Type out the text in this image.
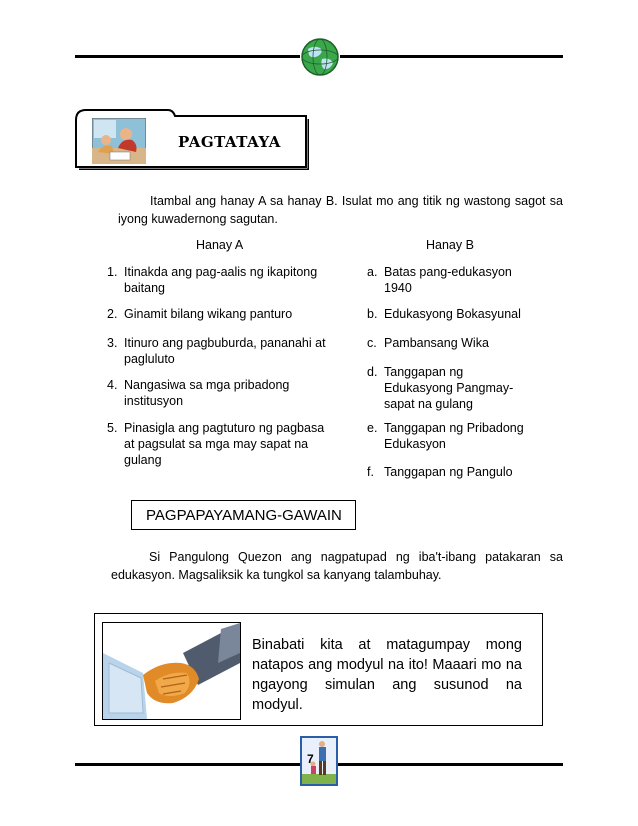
PAGTATAYA
Itambal ang hanay A sa hanay B. Isulat mo ang titik ng wastong sagot sa iyong kuwadernong sagutan.
Hanay A	Hanay B
1. Itinakda ang pag-aalis ng ikapitong baitang
2. Ginamit bilang wikang panturo
3. Itinuro ang pagbuburda, pananahi at pagluluto
4. Nangasiwa sa mga pribadong institusyon
5. Pinasigla ang pagtuturo ng pagbasa at pagsulat sa mga may sapat na gulang
a. Batas pang-edukasyon 1940
b. Edukasyong Bokasyunal
c. Pambansang Wika
d. Tanggapan ng Edukasyong Pangmay-sapat na gulang
e. Tanggapan ng Pribadong Edukasyon
f. Tanggapan ng Pangulo
PAGPAPAYAMANG-GAWAIN
Si Pangulong Quezon ang nagpatupad ng iba't-ibang patakaran sa edukasyon. Magsaliksik ka tungkol sa kanyang talambuhay.
Binabati kita at matagumpay mong natapos ang modyul na ito! Maaari mo na ngayong simulan ang susunod na modyul.
7
